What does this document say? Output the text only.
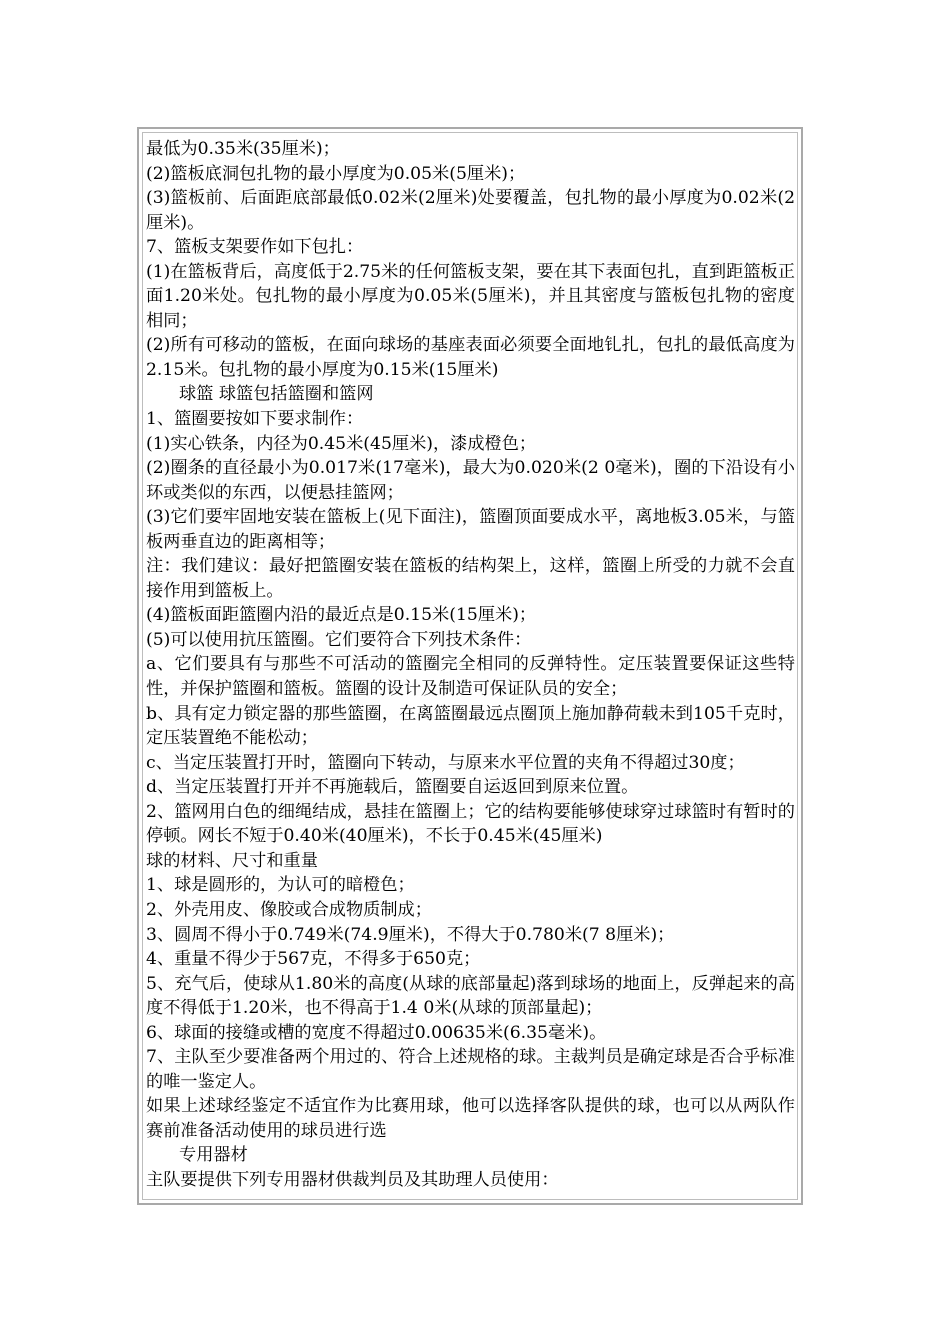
最低为0.35米(35厘米)；

(2)篮板底洞包扎物的最小厚度为0.05米(5厘米)；

(3)篮板前、后面距底部最低0.02米(2厘米)处要覆盖，包扎物的最小厚度为0.02米(2厘米)。

7、篮板支架要作如下包扎：

(1)在篮板背后，高度低于2.75米的任何篮板支架，要在其下表面包扎，直到距篮板正面1.20米处。包扎物的最小厚度为0.05米(5厘米)，并且其密度与篮板包扎物的密度相同；

(2)所有可移动的篮板，在面向球场的基座表面必须要全面地钆扎，包扎的最低高度为2.15米。包扎物的最小厚度为0.15米(15厘米)

球篮 球篮包括篮圈和篮网

1、篮圈要按如下要求制作：

(1)实心铁条，内径为0.45米(45厘米)，漆成橙色；

(2)圈条的直径最小为0.017米(17毫米)，最大为0.020米(2 0毫米)，圈的下沿设有小环或类似的东西，以便悬挂篮网；

(3)它们要牢固地安装在篮板上(见下面注)，篮圈顶面要成水平，离地板3.05米，与篮板两垂直边的距离相等；

注：我们建议：最好把篮圈安装在篮板的结构架上，这样，篮圈上所受的力就不会直接作用到篮板上。

(4)篮板面距篮圈内沿的最近点是0.15米(15厘米)；

(5)可以使用抗压篮圈。它们要符合下列技术条件：

a、它们要具有与那些不可活动的篮圈完全相同的反弹特性。定压装置要保证这些特性，并保护篮圈和篮板。篮圈的设计及制造可保证队员的安全；

b、具有定力锁定器的那些篮圈，在离篮圈最远点圈顶上施加静荷载未到105千克时，定压装置绝不能松动；

c、当定压装置打开时，篮圈向下转动，与原来水平位置的夹角不得超过30度；

d、当定压装置打开并不再施载后，篮圈要自运返回到原来位置。

2、篮网用白色的细绳结成，悬挂在篮圈上；它的结构要能够使球穿过球篮时有暂时的停顿。网长不短于0.40米(40厘米)，不长于0.45米(45厘米)

球的材料、尺寸和重量

1、球是圆形的，为认可的暗橙色；

2、外壳用皮、像胶或合成物质制成；

3、圆周不得小于0.749米(74.9厘米)，不得大于0.780米(7 8厘米)；

4、重量不得少于567克，不得多于650克；

5、充气后，使球从1.80米的高度(从球的底部量起)落到球场的地面上，反弹起来的高度不得低于1.20米，也不得高于1.4 0米(从球的顶部量起)；

6、球面的接缝或槽的宽度不得超过0.00635米(6.35毫米)。

7、主队至少要准备两个用过的、符合上述规格的球。主裁判员是确定球是否合乎标准的唯一鉴定人。

如果上述球经鉴定不适宜作为比赛用球，他可以选择客队提供的球，也可以从两队作赛前准备活动使用的球员进行选

专用器材

主队要提供下列专用器材供裁判员及其助理人员使用：
